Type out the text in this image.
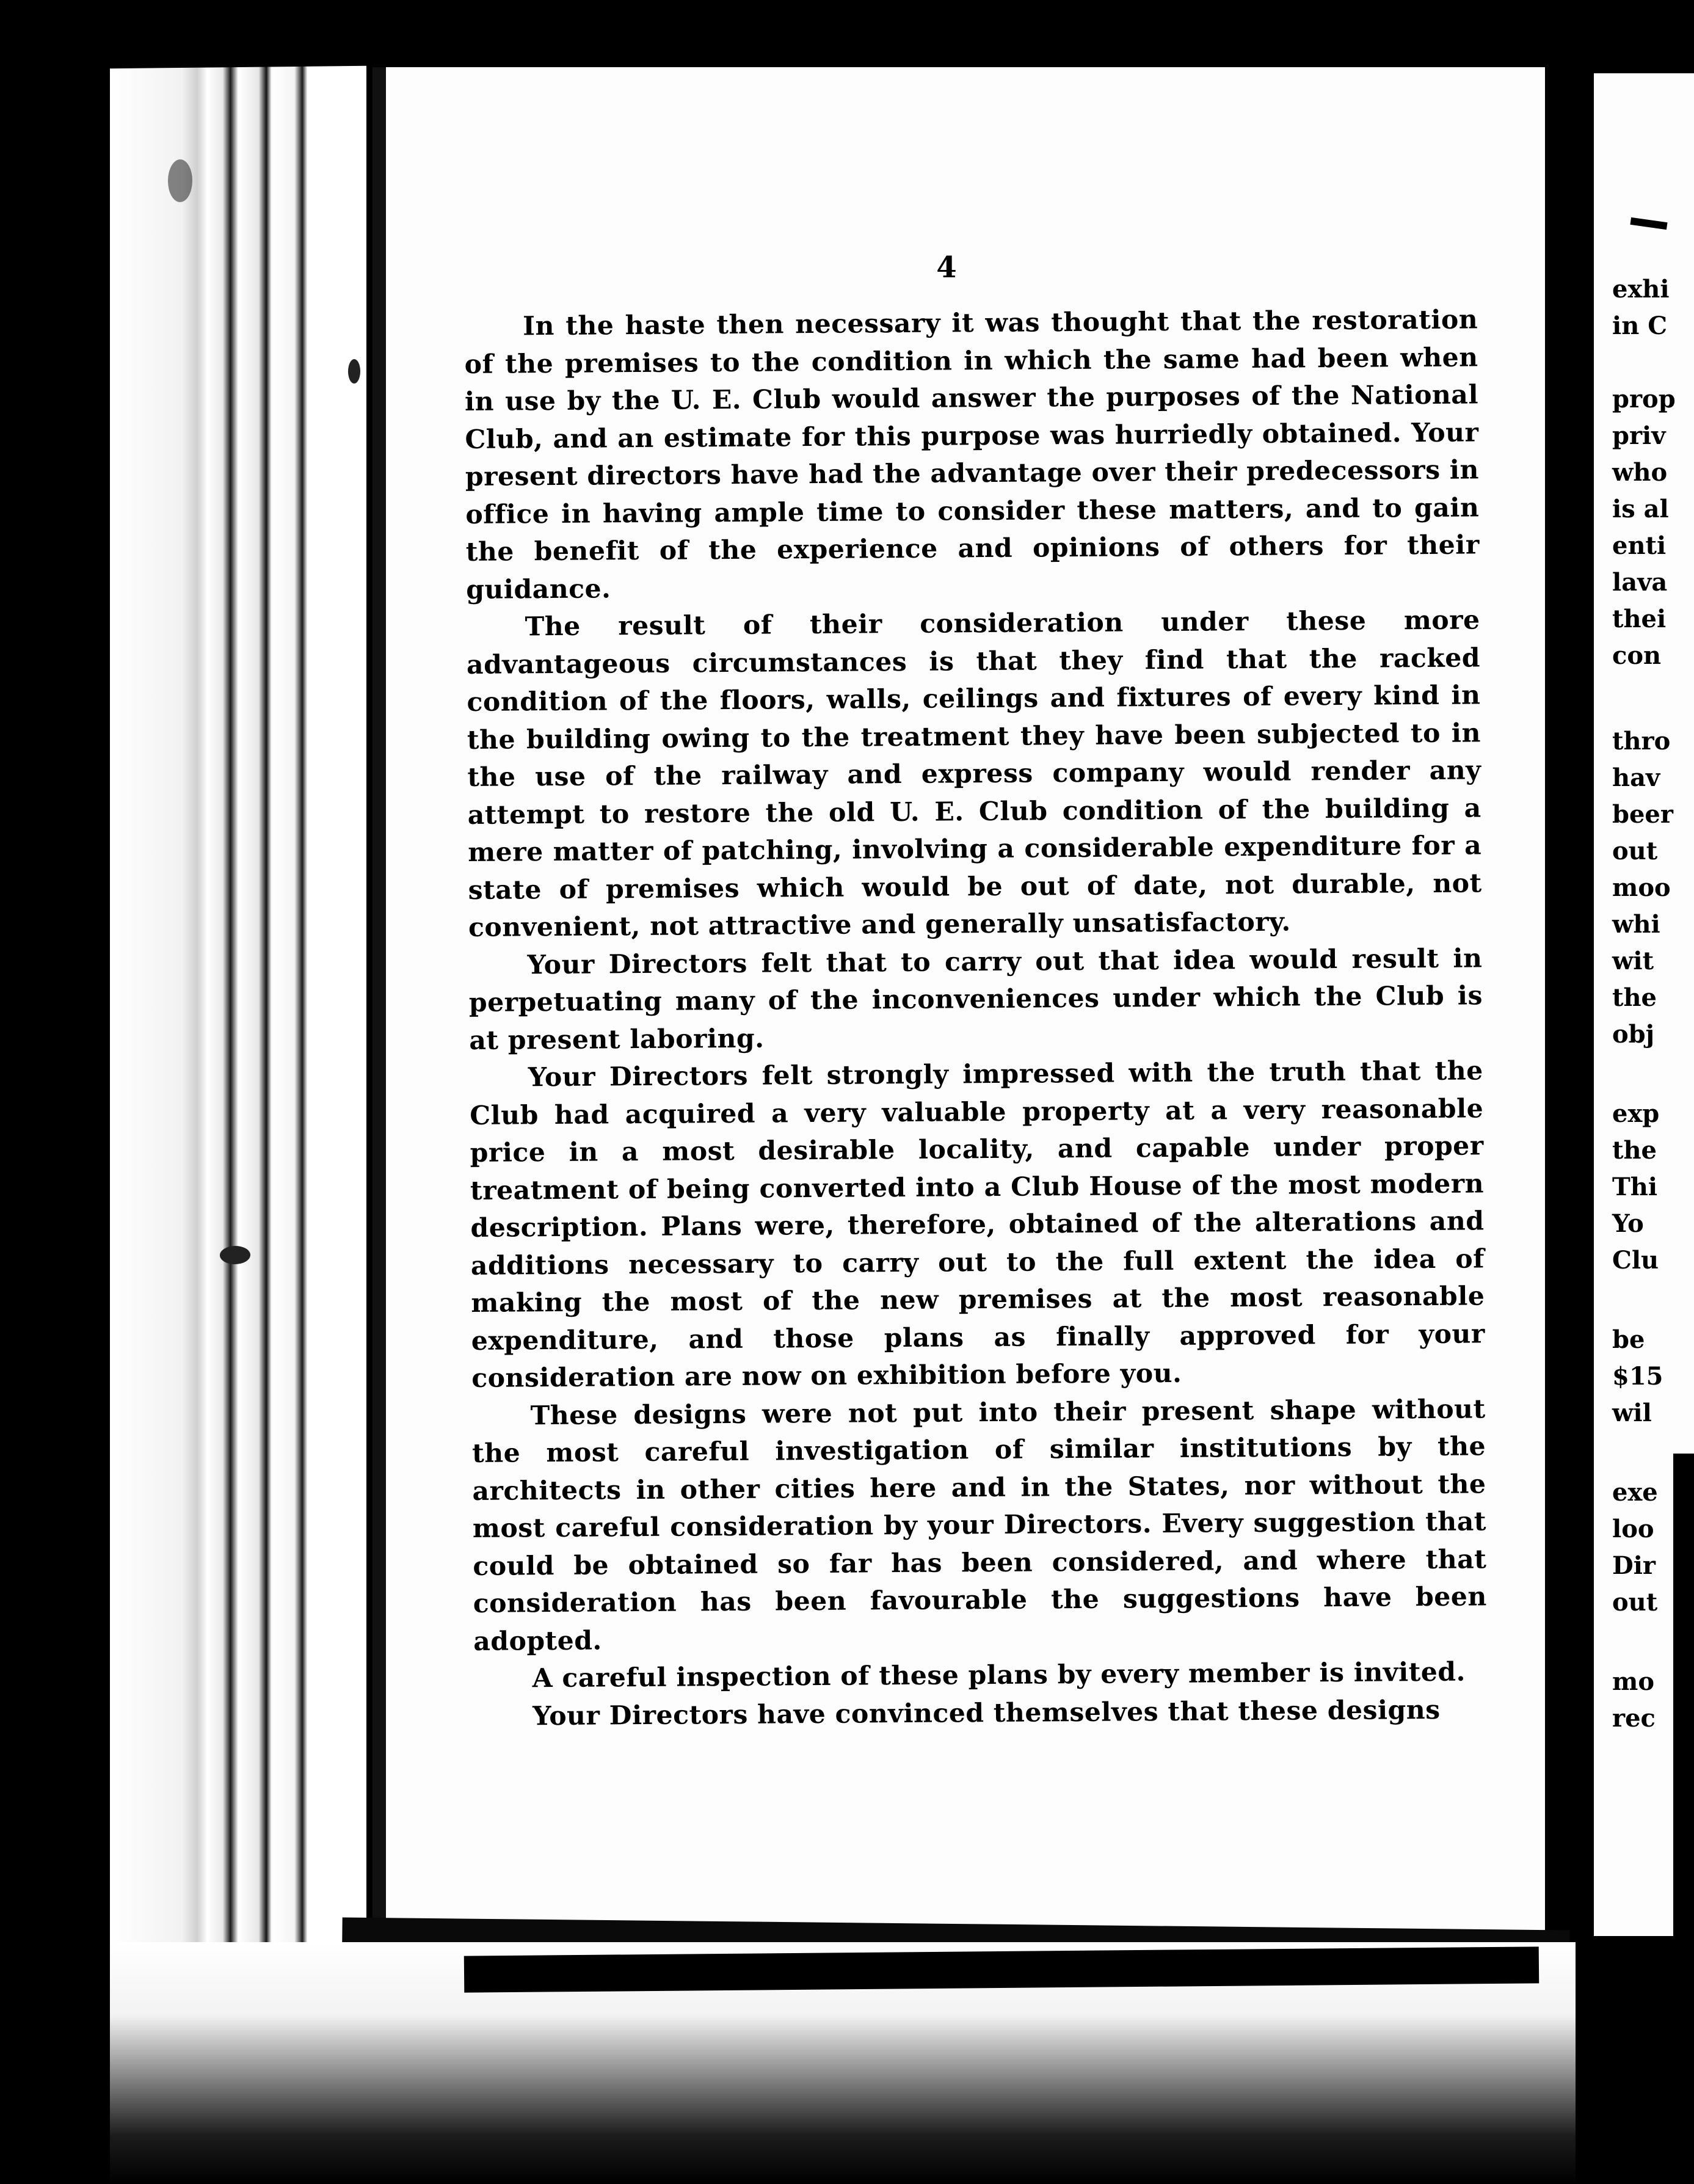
4

In the haste then necessary it was thought that the restoration of the premises to the condition in which the same had been when in use by the U. E. Club would answer the purposes of the National Club, and an estimate for this purpose was hurriedly obtained. Your present directors have had the advantage over their predecessors in office in having ample time to consider these matters, and to gain the benefit of the experience and opinions of others for their guidance.

The result of their consideration under these more advantageous circumstances is that they find that the racked condition of the floors, walls, ceilings and fixtures of every kind in the building owing to the treatment they have been subjected to in the use of the railway and express company would render any attempt to restore the old U. E. Club condition of the building a mere matter of patching, involving a considerable expenditure for a state of premises which would be out of date, not durable, not convenient, not attractive and generally unsatisfactory.

Your Directors felt that to carry out that idea would result in perpetuating many of the inconveniences under which the Club is at present laboring.

Your Directors felt strongly impressed with the truth that the Club had acquired a very valuable property at a very reasonable price in a most desirable locality, and capable under proper treatment of being converted into a Club House of the most modern description. Plans were, therefore, obtained of the alterations and additions necessary to carry out to the full extent the idea of making the most of the new premises at the most reasonable expenditure, and those plans as finally approved for your consideration are now on exhibition before you.

These designs were not put into their present shape without the most careful investigation of similar institutions by the architects in other cities here and in the States, nor without the most careful consideration by your Directors. Every suggestion that could be obtained so far has been considered, and where that consideration has been favourable the suggestions have been adopted.

A careful inspection of these plans by every member is invited.

Your Directors have convinced themselves that these designs

exhi
in C
prop
priv
who
is al
enti
lava
thei
con
thro
hav
beer
out
moo
whi
wit
the
obj
exp
the
Thi
Yo
Clu
be
$15
wil
exe
loo
Dir
out
mo
rec
